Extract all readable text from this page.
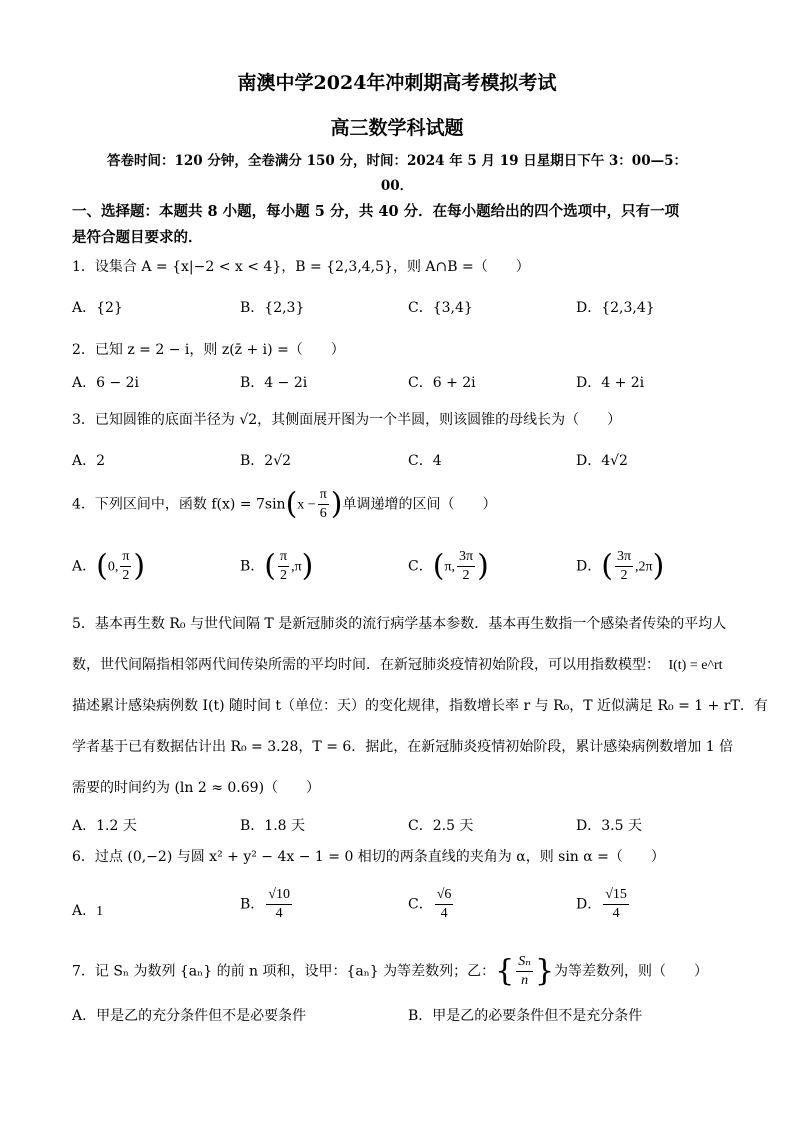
南澳中学2024年冲刺期高考模拟考试
高三数学科试题
答卷时间：120 分钟，全卷满分 150 分，时间：2024 年 5 月 19 日星期日下午 3：00—5：
00．
一、选择题：本题共 8 小题，每小题 5 分，共 40 分．在每小题给出的四个选项中，只有一项
是符合题目要求的．
1．设集合 A = {x|−2 < x < 4}，B = {2,3,4,5}，则 A∩B =（　　）
A．{2}	B．{2,3}	C．{3,4}	D．{2,3,4}
2．已知 z = 2 − i，则 z(z̄ + i) =（　　）
A．6 − 2i	B．4 − 2i	C．6 + 2i	D．4 + 2i
3．已知圆锥的底面半径为 √2，其侧面展开图为一个半圆，则该圆锥的母线长为（　　）
A．2	B．2√2	C．4	D．4√2
4．下列区间中，函数 $f(x) = 7\sin(x - \frac{\pi}{6}$ )单调递增的区间（　　）
A．(0, $\frac{\pi}{2}$ )	B．( $\frac{\pi}{2} ,\pi$)	C．(π, $\frac{3\pi}{2}$ )	D．( $\frac{3\pi}{2} ,2\pi$)
5．基本再生数 R₀ 与世代间隔 T 是新冠肺炎的流行病学基本参数．基本再生数指一个感染者传染的平均人
数，世代间隔指相邻两代间传染所需的平均时间．在新冠肺炎疫情初始阶段，可以用指数模型： I(t) = e^rt
描述累计感染病例数 I(t) 随时间 t（单位：天）的变化规律，指数增长率 r 与 R₀，T 近似满足 R₀ = 1 + rT．有
学者基于已有数据估计出 R₀ = 3.28，T = 6．据此，在新冠肺炎疫情初始阶段，累计感染病例数增加 1 倍
需要的时间约为 (ln 2 ≈ 0.69)（　　）
A．1.2 天	B．1.8 天	C．2.5 天	D．3.5 天
6．过点 (0,−2) 与圆 x² + y² − 4x − 1 = 0 相切的两条直线的夹角为 α，则 sin α =（　　）
A．1	B． $\frac{√10}{4}$	C． $\frac{√6}{4}$	D． $\frac{√15}{4}$
7．记 Sₙ 为数列 {aₙ} 的前 n 项和，设甲：{aₙ} 为等差数列；乙：{ $\frac{\text{Sₙ}}{n}$ }为等差数列，则（　　）
A．甲是乙的充分条件但不是必要条件	B．甲是乙的必要条件但不是充分条件
